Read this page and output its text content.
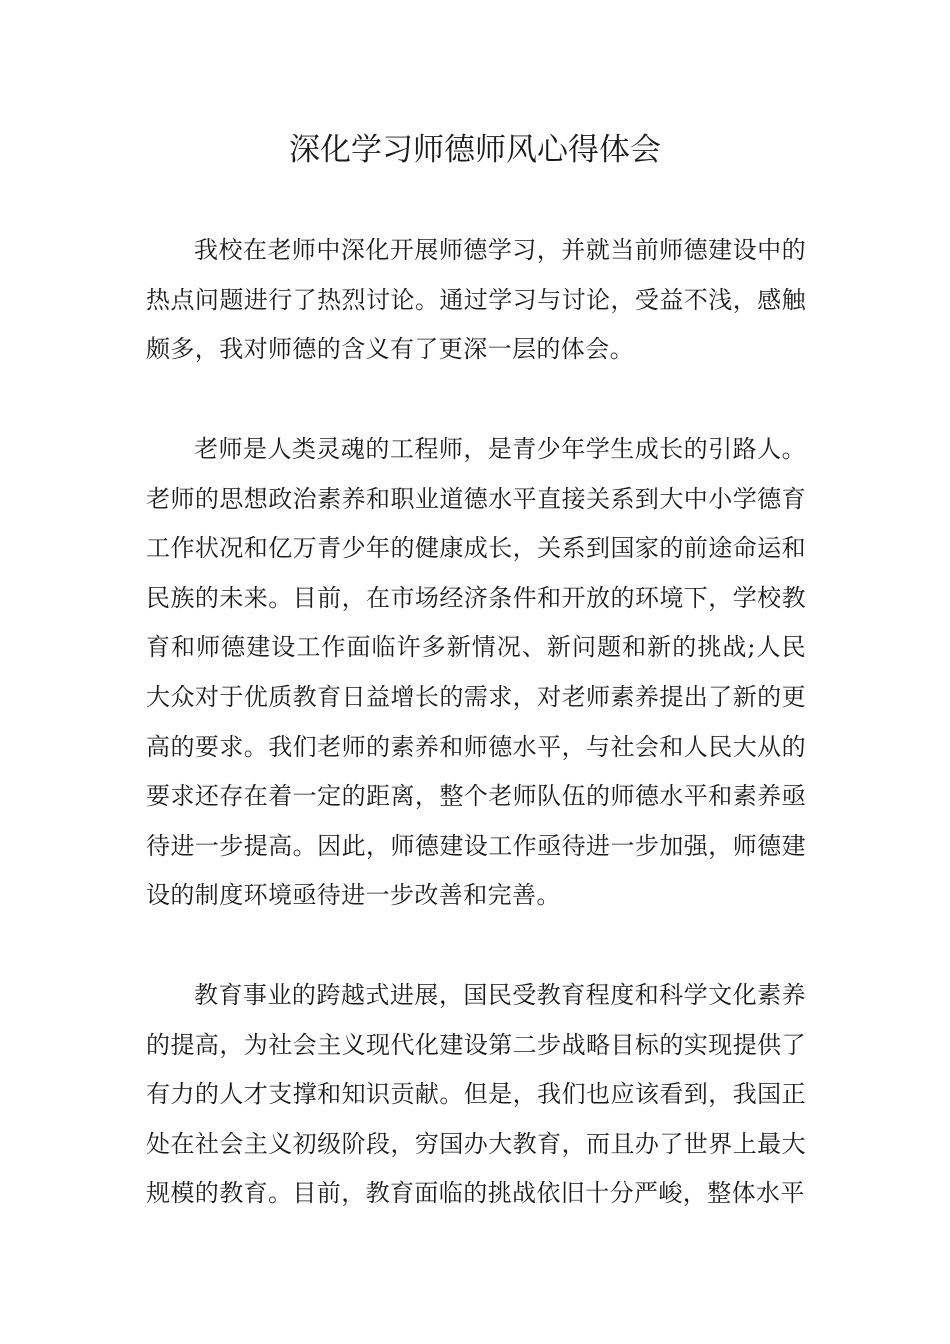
深化学习师德师风心得体会

我校在老师中深化开展师德学习，并就当前师德建设中的热点问题进行了热烈讨论。通过学习与讨论，受益不浅，感触颇多，我对师德的含义有了更深一层的体会。

老师是人类灵魂的工程师，是青少年学生成长的引路人。老师的思想政治素养和职业道德水平直接关系到大中小学德育工作状况和亿万青少年的健康成长，关系到国家的前途命运和民族的未来。目前，在市场经济条件和开放的环境下，学校教育和师德建设工作面临许多新情况、新问题和新的挑战;人民大众对于优质教育日益增长的需求，对老师素养提出了新的更高的要求。我们老师的素养和师德水平，与社会和人民大从的要求还存在着一定的距离，整个老师队伍的师德水平和素养亟待进一步提高。因此，师德建设工作亟待进一步加强，师德建设的制度环境亟待进一步改善和完善。

教育事业的跨越式进展，国民受教育程度和科学文化素养的提高，为社会主义现代化建设第二步战略目标的实现提供了有力的人才支撑和知识贡献。但是，我们也应该看到，我国正处在社会主义初级阶段，穷国办大教育，而且办了世界上最大规模的教育。目前，教育面临的挑战依旧十分严峻，整体水平
